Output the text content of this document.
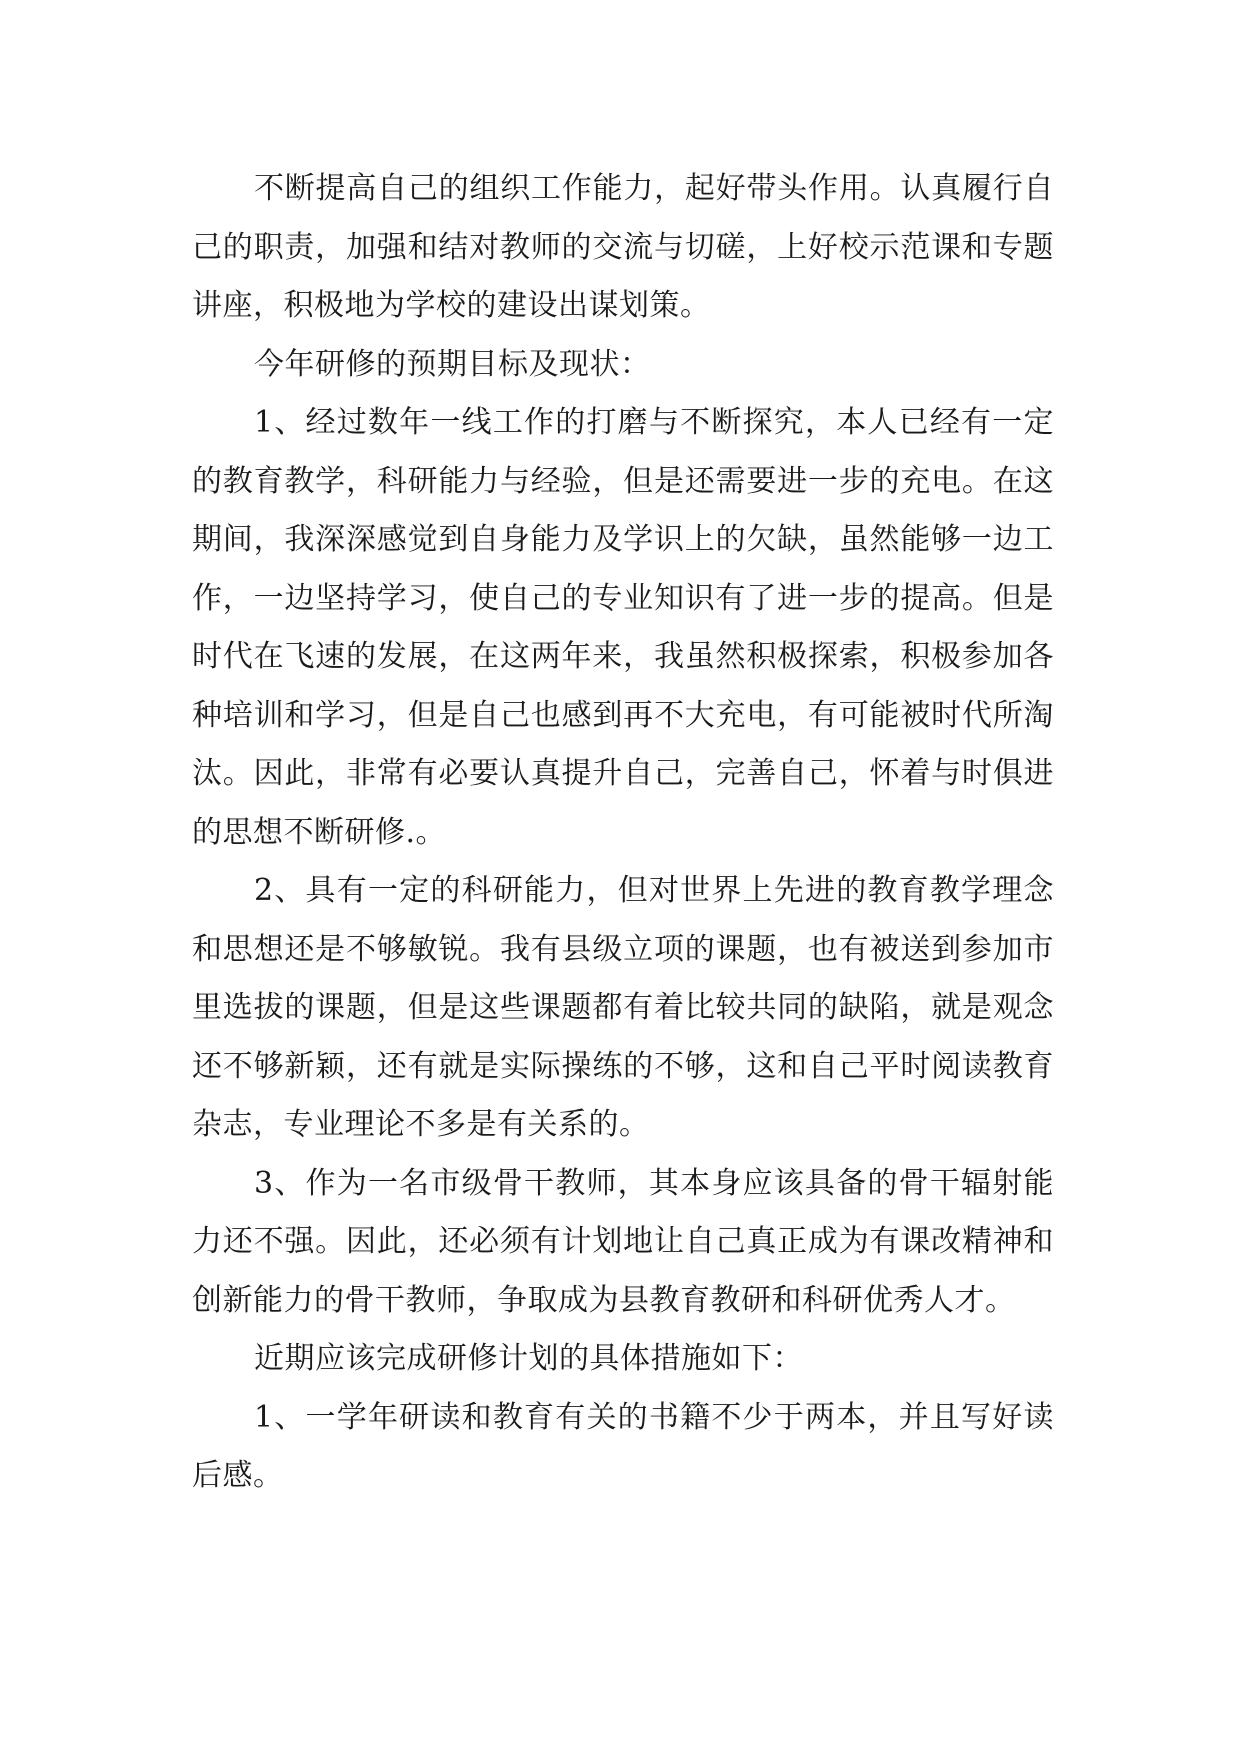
不断提高自己的组织工作能力，起好带头作用。认真履行自己的职责，加强和结对教师的交流与切磋，上好校示范课和专题讲座，积极地为学校的建设出谋划策。

今年研修的预期目标及现状：

1、经过数年一线工作的打磨与不断探究，本人已经有一定的教育教学，科研能力与经验，但是还需要进一步的充电。在这期间，我深深感觉到自身能力及学识上的欠缺，虽然能够一边工作，一边坚持学习，使自己的专业知识有了进一步的提高。但是时代在飞速的发展，在这两年来，我虽然积极探索，积极参加各种培训和学习，但是自己也感到再不大充电，有可能被时代所淘汰。因此，非常有必要认真提升自己，完善自己，怀着与时俱进的思想不断研修.。

2、具有一定的科研能力，但对世界上先进的教育教学理念和思想还是不够敏锐。我有县级立项的课题，也有被送到参加市里选拔的课题，但是这些课题都有着比较共同的缺陷，就是观念还不够新颖，还有就是实际操练的不够，这和自己平时阅读教育杂志，专业理论不多是有关系的。

3、作为一名市级骨干教师，其本身应该具备的骨干辐射能力还不强。因此，还必须有计划地让自己真正成为有课改精神和创新能力的骨干教师，争取成为县教育教研和科研优秀人才。

近期应该完成研修计划的具体措施如下：

1、一学年研读和教育有关的书籍不少于两本，并且写好读后感。
